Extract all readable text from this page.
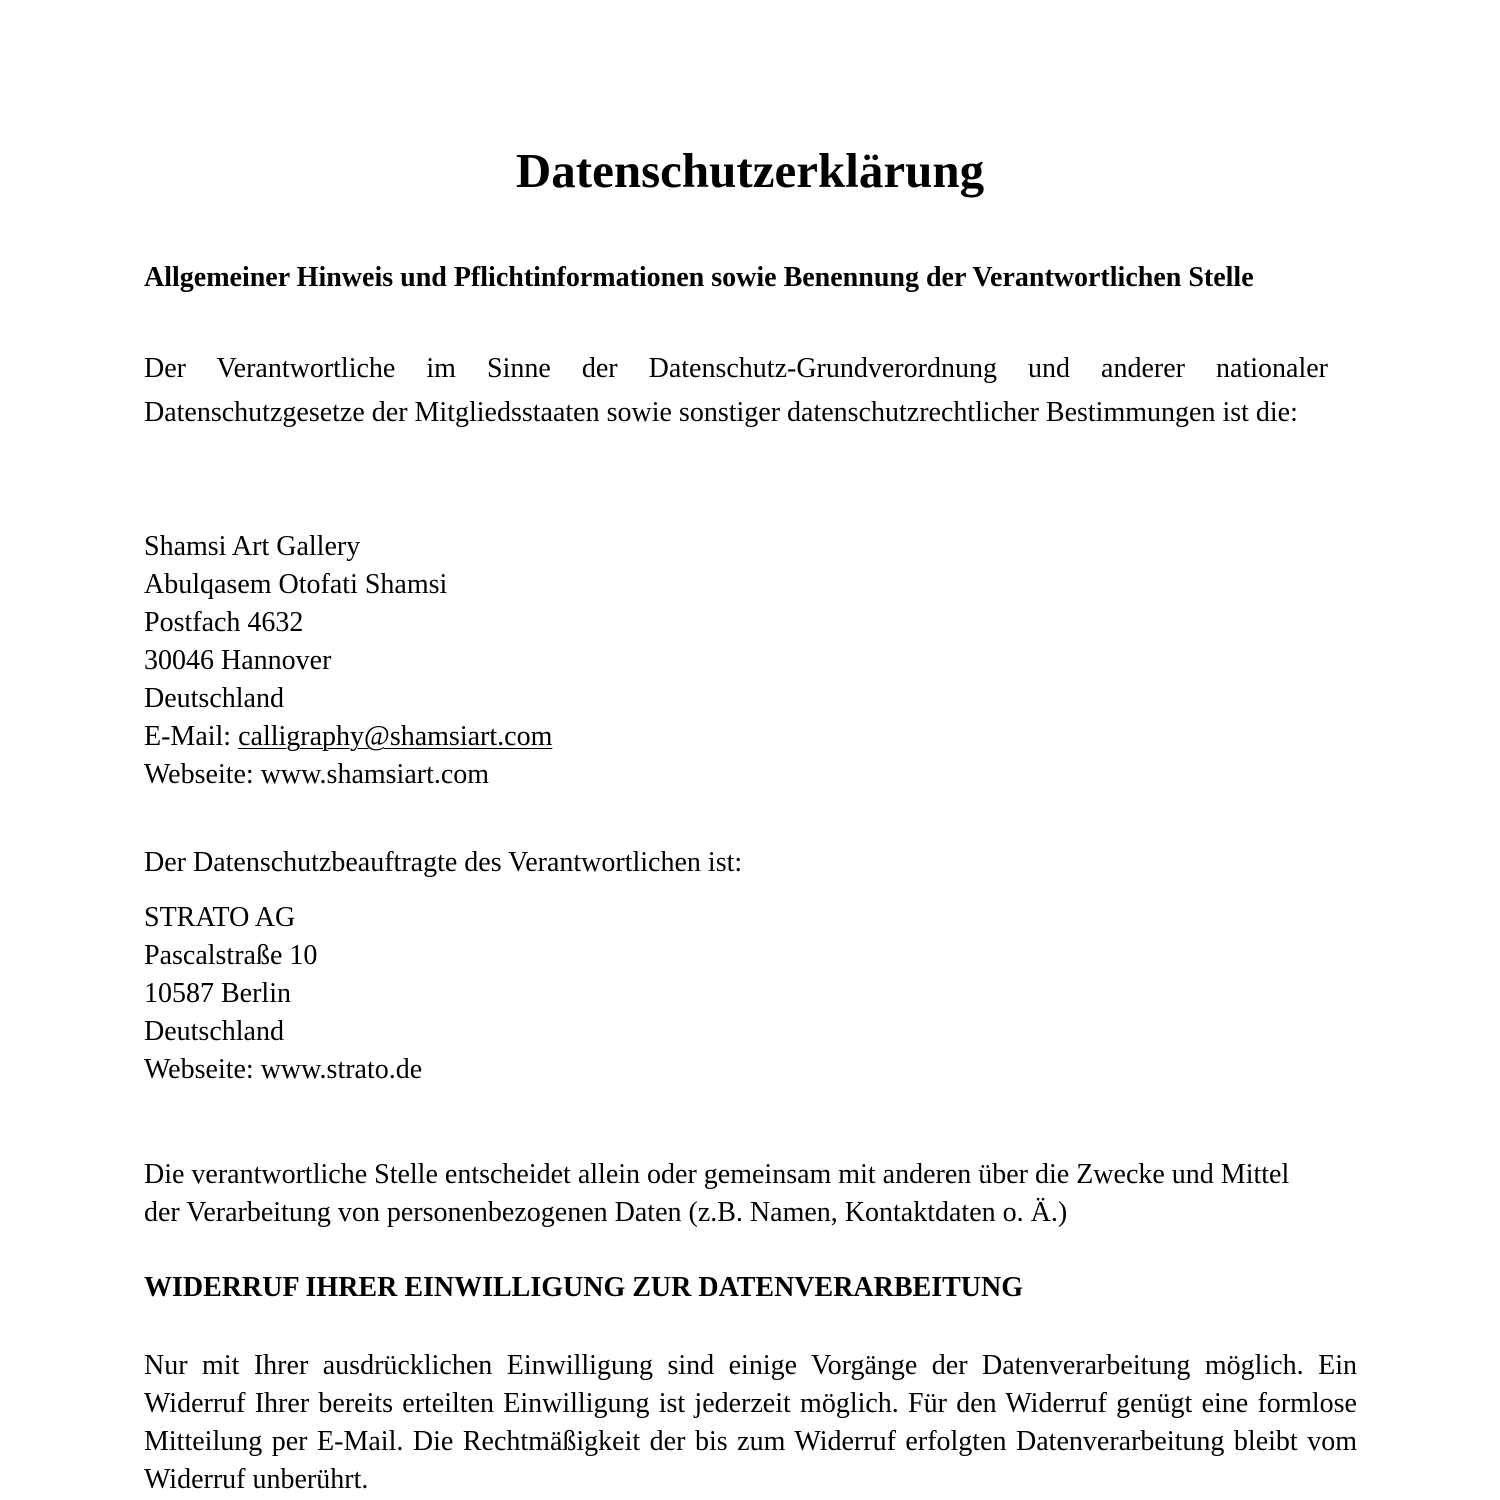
Datenschutzerklärung
Allgemeiner Hinweis und Pflichtinformationen sowie Benennung der Verantwortlichen Stelle

Der Verantwortliche im Sinne der Datenschutz-Grundverordnung und anderer nationaler Datenschutzgesetze der Mitgliedsstaaten sowie sonstiger datenschutzrechtlicher Bestimmungen ist die:

Shamsi Art Gallery
Abulqasem Otofati Shamsi
Postfach 4632
30046 Hannover
Deutschland
E-Mail: calligraphy@shamsiart.com
Webseite: www.shamsiart.com

Der Datenschutzbeauftragte des Verantwortlichen ist:

STRATO AG
Pascalstraße 10
10587 Berlin
Deutschland
Webseite: www.strato.de

Die verantwortliche Stelle entscheidet allein oder gemeinsam mit anderen über die Zwecke und Mittel der Verarbeitung von personenbezogenen Daten (z.B. Namen, Kontaktdaten o. Ä.)

WIDERRUF IHRER EINWILLIGUNG ZUR DATENVERARBEITUNG

Nur mit Ihrer ausdrücklichen Einwilligung sind einige Vorgänge der Datenverarbeitung möglich. Ein Widerruf Ihrer bereits erteilten Einwilligung ist jederzeit möglich. Für den Widerruf genügt eine formlose Mitteilung per E-Mail. Die Rechtmäßigkeit der bis zum Widerruf erfolgten Datenverarbeitung bleibt vom Widerruf unberührt.
